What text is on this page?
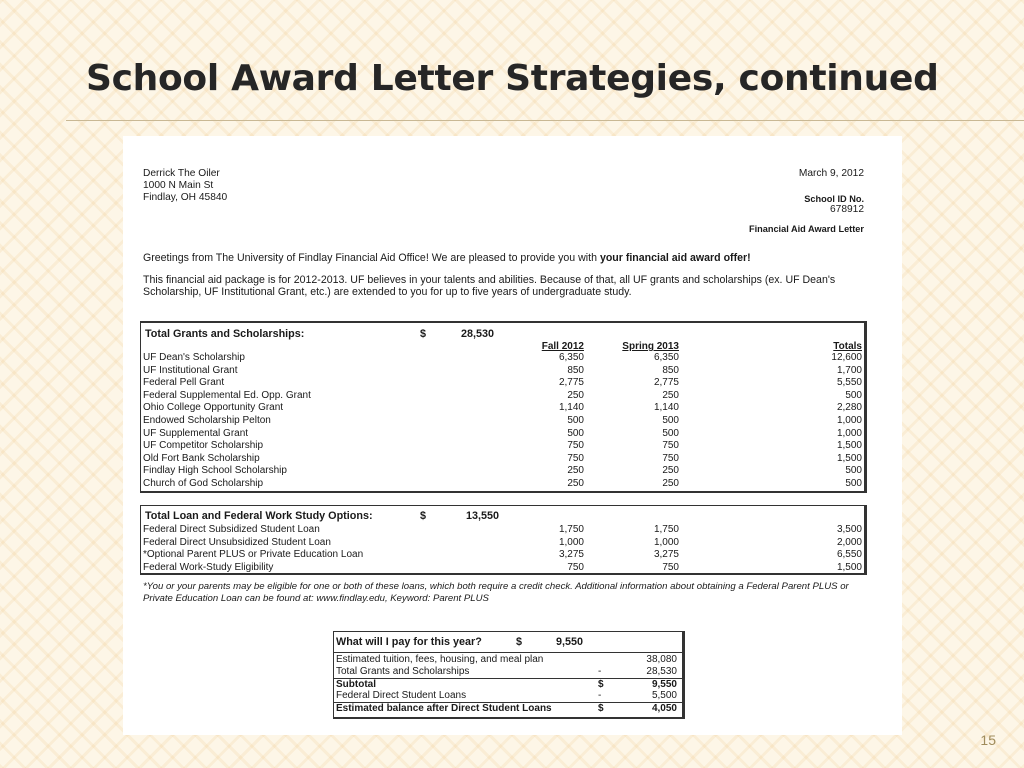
School Award Letter Strategies, continued
Derrick The Oiler
1000 N Main St
Findlay, OH 45840
March 9, 2012
School ID No.
678912
Financial Aid Award Letter
Greetings from The University of Findlay Financial Aid Office! We are pleased to provide you with your financial aid award offer!
This financial aid package is for 2012-2013. UF believes in your talents and abilities. Because of that, all UF grants and scholarships (ex. UF Dean's Scholarship, UF Institutional Grant, etc.) are extended to you for up to five years of undergraduate study.
Total Grants and Scholarships:	$	28,530
Fall 2012	Spring 2013	Totals
UF Dean's Scholarship	6,350	6,350	12,600
UF Institutional Grant	850	850	1,700
Federal Pell Grant	2,775	2,775	5,550
Federal Supplemental Ed. Opp. Grant	250	250	500
Ohio College Opportunity Grant	1,140	1,140	2,280
Endowed Scholarship Pelton	500	500	1,000
UF Supplemental Grant	500	500	1,000
UF Competitor Scholarship	750	750	1,500
Old Fort Bank Scholarship	750	750	1,500
Findlay High School Scholarship	250	250	500
Church of God Scholarship	250	250	500
Total Loan and Federal Work Study Options:	$	13,550
Federal Direct Subsidized Student Loan	1,750	1,750	3,500
Federal Direct Unsubsidized Student Loan	1,000	1,000	2,000
*Optional Parent PLUS or Private Education Loan	3,275	3,275	6,550
Federal Work-Study Eligibility	750	750	1,500
*You or your parents may be eligible for one or both of these loans, which both require a credit check. Additional information about obtaining a Federal Parent PLUS or Private Education Loan can be found at: www.findlay.edu, Keyword: Parent PLUS
What will I pay for this year?	$	9,550
Estimated tuition, fees, housing, and meal plan	38,080
Total Grants and Scholarships	-	28,530
Subtotal	$	9,550
Federal Direct Student Loans	-	5,500
Estimated balance after Direct Student Loans	$	4,050
15
